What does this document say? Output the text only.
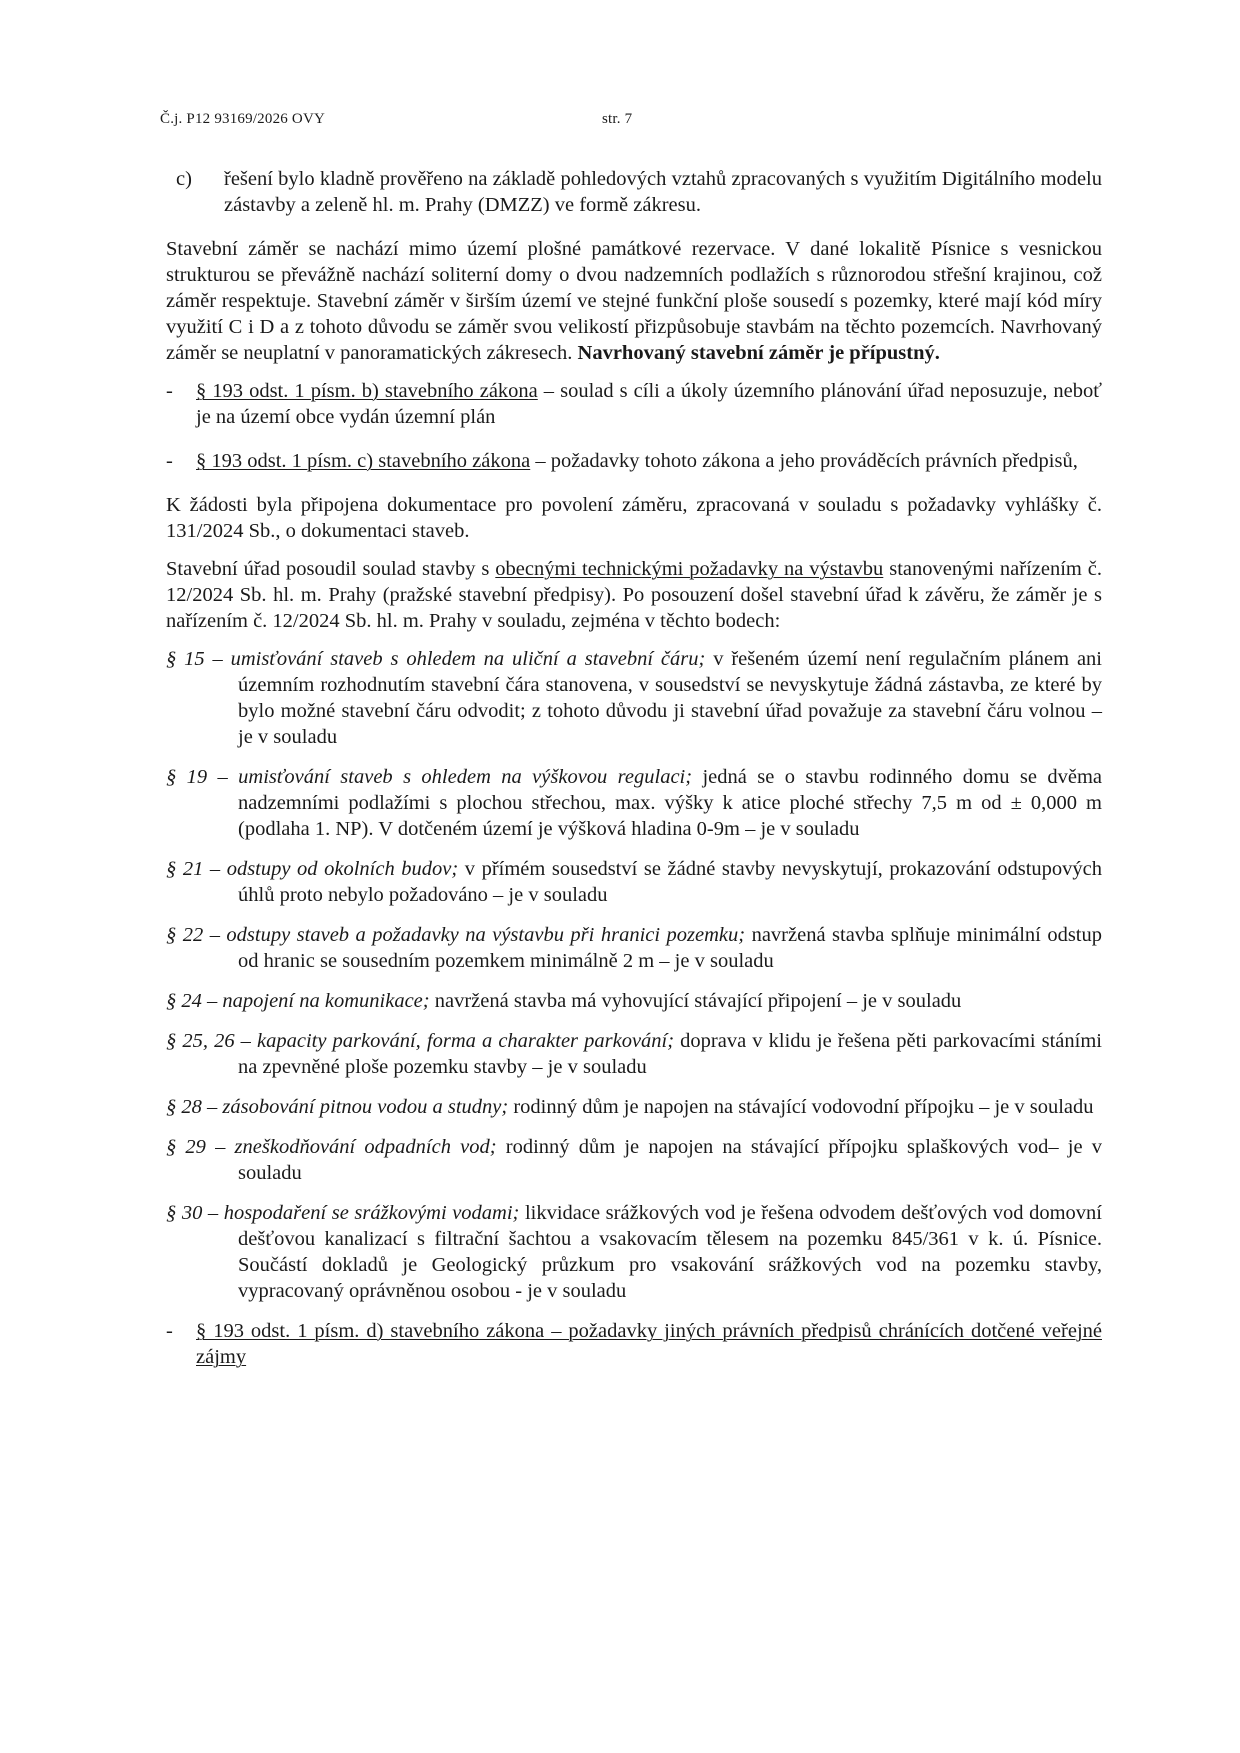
Č.j. P12 93169/2026 OVY	str. 7
c) řešení bylo kladně prověřeno na základě pohledových vztahů zpracovaných s využitím Digitálního modelu zástavby a zeleně hl. m. Prahy (DMZZ) ve formě zákresu.

Stavební záměr se nachází mimo území plošné památkové rezervace. V dané lokalitě Písnice s vesnickou strukturou se převážně nachází soliterní domy o dvou nadzemních podlažích s různorodou střešní krajinou, což záměr respektuje. Stavební záměr v širším území ve stejné funkční ploše sousedí s pozemky, které mají kód míry využití C i D a z tohoto důvodu se záměr svou velikostí přizpůsobuje stavbám na těchto pozemcích. Navrhovaný záměr se neuplatní v panoramatických zákresech. Navrhovaný stavební záměr je přípustný.

- § 193 odst. 1 písm. b) stavebního zákona – soulad s cíli a úkoly územního plánování úřad neposuzuje, neboť je na území obce vydán územní plán

- § 193 odst. 1 písm. c) stavebního zákona – požadavky tohoto zákona a jeho prováděcích právních předpisů,

K žádosti byla připojena dokumentace pro povolení záměru, zpracovaná v souladu s požadavky vyhlášky č. 131/2024 Sb., o dokumentaci staveb.

Stavební úřad posoudil soulad stavby s obecnými technickými požadavky na výstavbu stanovenými nařízením č. 12/2024 Sb. hl. m. Prahy (pražské stavební předpisy). Po posouzení došel stavební úřad k závěru, že záměr je s nařízením č. 12/2024 Sb. hl. m. Prahy v souladu, zejména v těchto bodech:

§ 15 – umisťování staveb s ohledem na uliční a stavební čáru; v řešeném území není regulačním plánem ani územním rozhodnutím stavební čára stanovena, v sousedství se nevyskytuje žádná zástavba, ze které by bylo možné stavební čáru odvodit; z tohoto důvodu ji stavební úřad považuje za stavební čáru volnou – je v souladu

§ 19 – umisťování staveb s ohledem na výškovou regulaci; jedná se o stavbu rodinného domu se dvěma nadzemními podlažími s plochou střechou, max. výšky k atice ploché střechy 7,5 m od ± 0,000 m (podlaha 1. NP). V dotčeném území je výšková hladina 0-9m – je v souladu

§ 21 – odstupy od okolních budov; v přímém sousedství se žádné stavby nevyskytují, prokazování odstupových úhlů proto nebylo požadováno – je v souladu

§ 22 – odstupy staveb a požadavky na výstavbu při hranici pozemku; navržená stavba splňuje minimální odstup od hranic se sousedním pozemkem minimálně 2 m – je v souladu

§ 24 – napojení na komunikace; navržená stavba má vyhovující stávající připojení – je v souladu

§ 25, 26 – kapacity parkování, forma a charakter parkování; doprava v klidu je řešena pěti parkovacími stáními na zpevněné ploše pozemku stavby – je v souladu

§ 28 – zásobování pitnou vodou a studny; rodinný dům je napojen na stávající vodovodní přípojku – je v souladu

§ 29 – zneškodňování odpadních vod; rodinný dům je napojen na stávající přípojku splaškových vod– je v souladu

§ 30 – hospodaření se srážkovými vodami; likvidace srážkových vod je řešena odvodem dešťových vod domovní dešťovou kanalizací s filtrační šachtou a vsakovacím tělesem na pozemku 845/361 v k. ú. Písnice. Součástí dokladů je Geologický průzkum pro vsakování srážkových vod na pozemku stavby, vypracovaný oprávněnou osobou - je v souladu

- § 193 odst. 1 písm. d) stavebního zákona – požadavky jiných právních předpisů chránících dotčené veřejné zájmy
